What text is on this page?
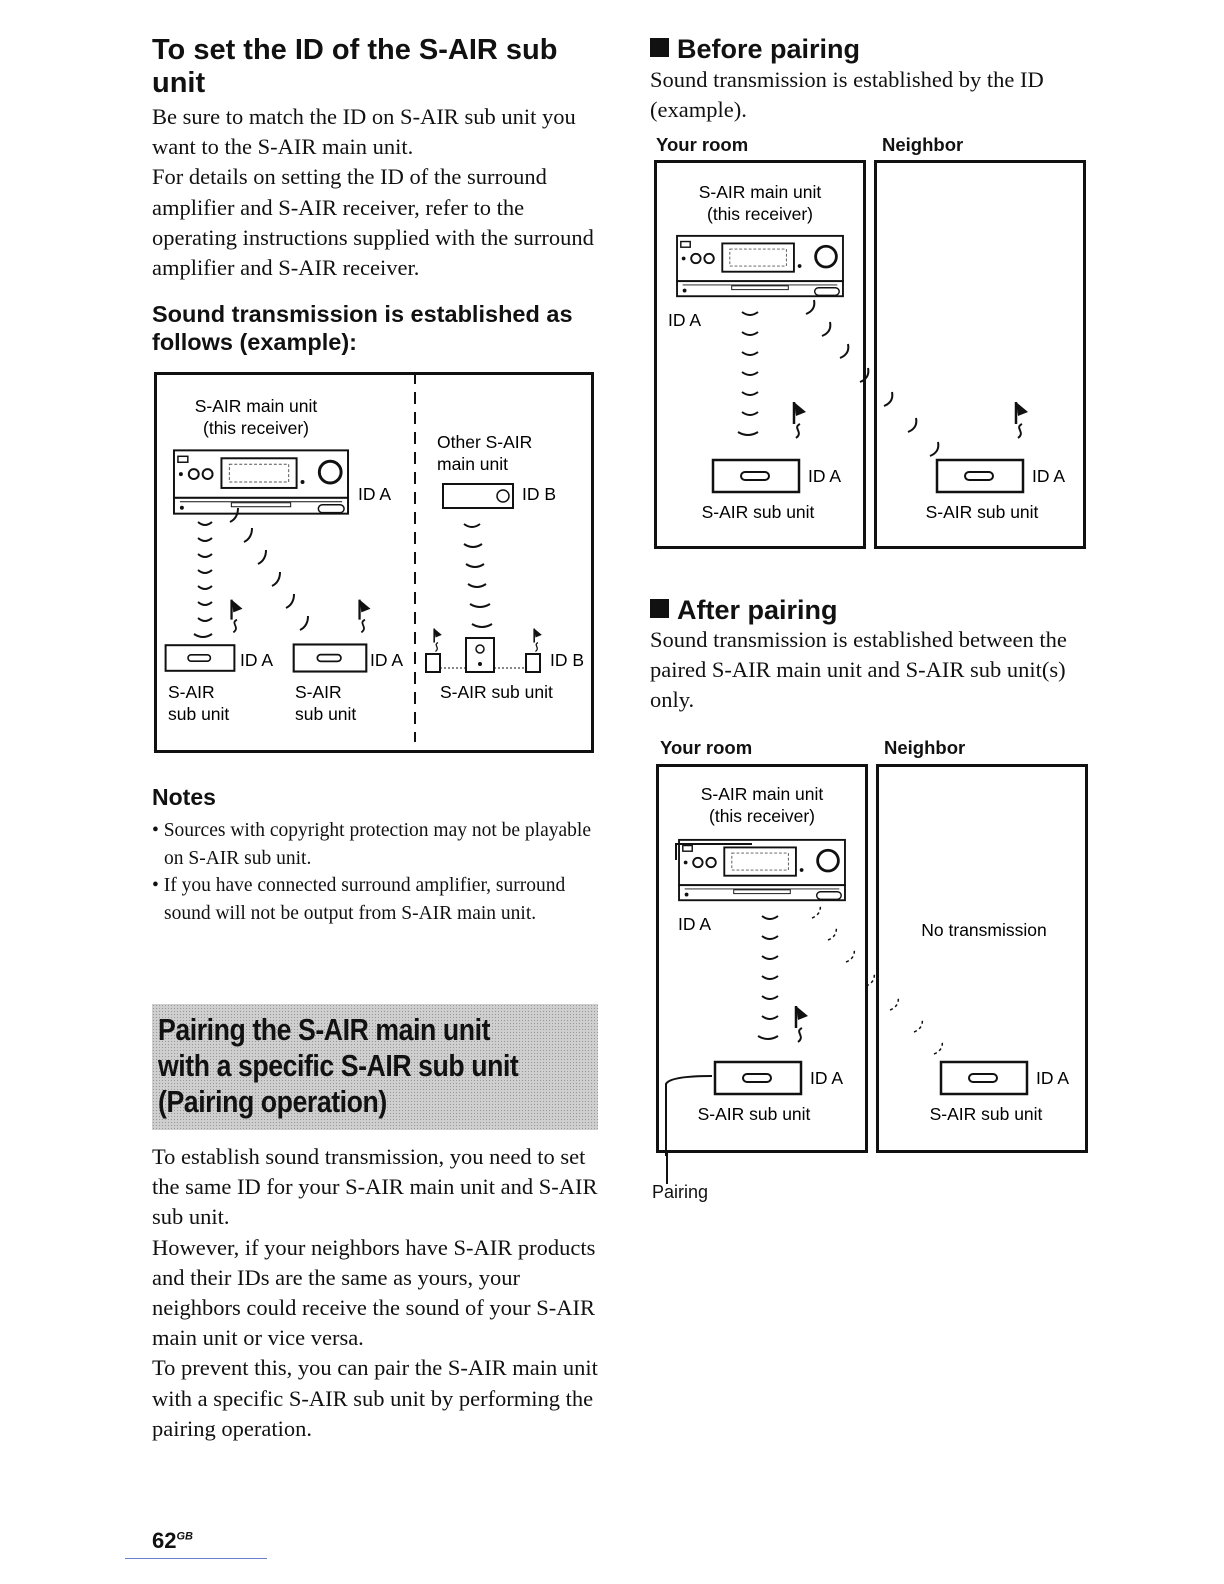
To set the ID of the S-AIR sub unit

Be sure to match the ID on S-AIR sub unit you want to the S-AIR main unit.

For details on setting the ID of the surround amplifier and S-AIR receiver, refer to the operating instructions supplied with the surround amplifier and S-AIR receiver.

Sound transmission is established as follows (example):

S-AIR main unit
(this receiver)
ID A
Other S-AIR
main unit
ID B
ID A	ID A	ID B
S-AIR
sub unit
S-AIR
sub unit
S-AIR sub unit

Notes

• Sources with copyright protection may not be playable on S-AIR sub unit.

• If you have connected surround amplifier, surround sound will not be output from S-AIR main unit.

Pairing the S-AIR main unit with a specific S-AIR sub unit (Pairing operation)

To establish sound transmission, you need to set the same ID for your S-AIR main unit and S-AIR sub unit.

However, if your neighbors have S-AIR products and their IDs are the same as yours, your neighbors could receive the sound of your S-AIR main unit or vice versa.

To prevent this, you can pair the S-AIR main unit with a specific S-AIR sub unit by performing the pairing operation.

Before pairing

Sound transmission is established by the ID (example).

Your room	Neighbor
S-AIR main unit
(this receiver)
ID A
ID A
S-AIR sub unit
ID A
S-AIR sub unit

After pairing

Sound transmission is established between the paired S-AIR main unit and S-AIR sub unit(s) only.

Your room	Neighbor
S-AIR main unit
(this receiver)
ID A	No transmission
ID A
S-AIR sub unit
ID A
S-AIR sub unit
Pairing
$62^{GB}$
